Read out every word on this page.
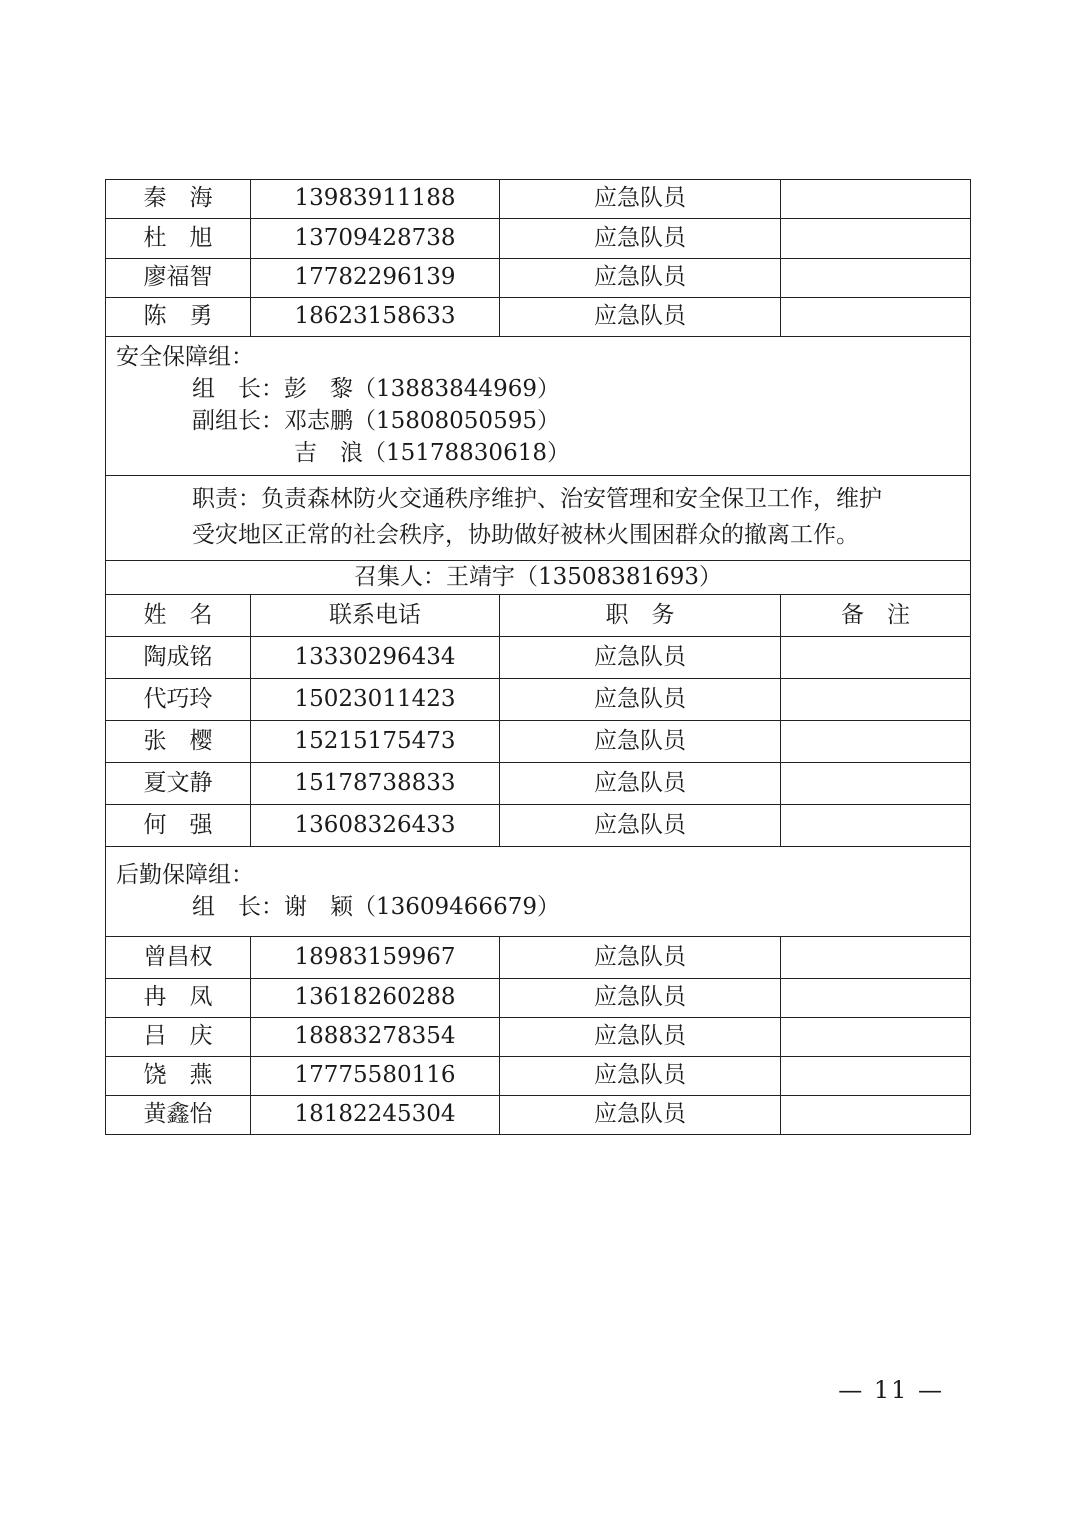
秦　海	13983911188	应急队员	
杜　旭	13709428738	应急队员	
廖福智	17782296139	应急队员	
陈　勇	18623158633	应急队员	

安全保障组：
组　长：彭　黎（13883844969）
副组长：邓志鹏（15808050595）
吉　浪（15178830618）			

职责：负责森林防火交通秩序维护、治安管理和安全保卫工作，维护
受灾地区正常的社会秩序，协助做好被林火围困群众的撤离工作。			

召集人：王靖宇（13508381693）			
姓　名	联系电话	职　务	备　注
陶成铭	13330296434	应急队员	
代巧玲	15023011423	应急队员	
张　樱	15215175473	应急队员	
夏文静	15178738833	应急队员	
何　强	13608326433	应急队员	

后勤保障组：
组　长：谢　颖（13609466679）			

曾昌权	18983159967	应急队员	
冉　凤	13618260288	应急队员	
吕　庆	18883278354	应急队员	
饶　燕	17775580116	应急队员	
黄鑫怡	18182245304	应急队员	
— 11 —
